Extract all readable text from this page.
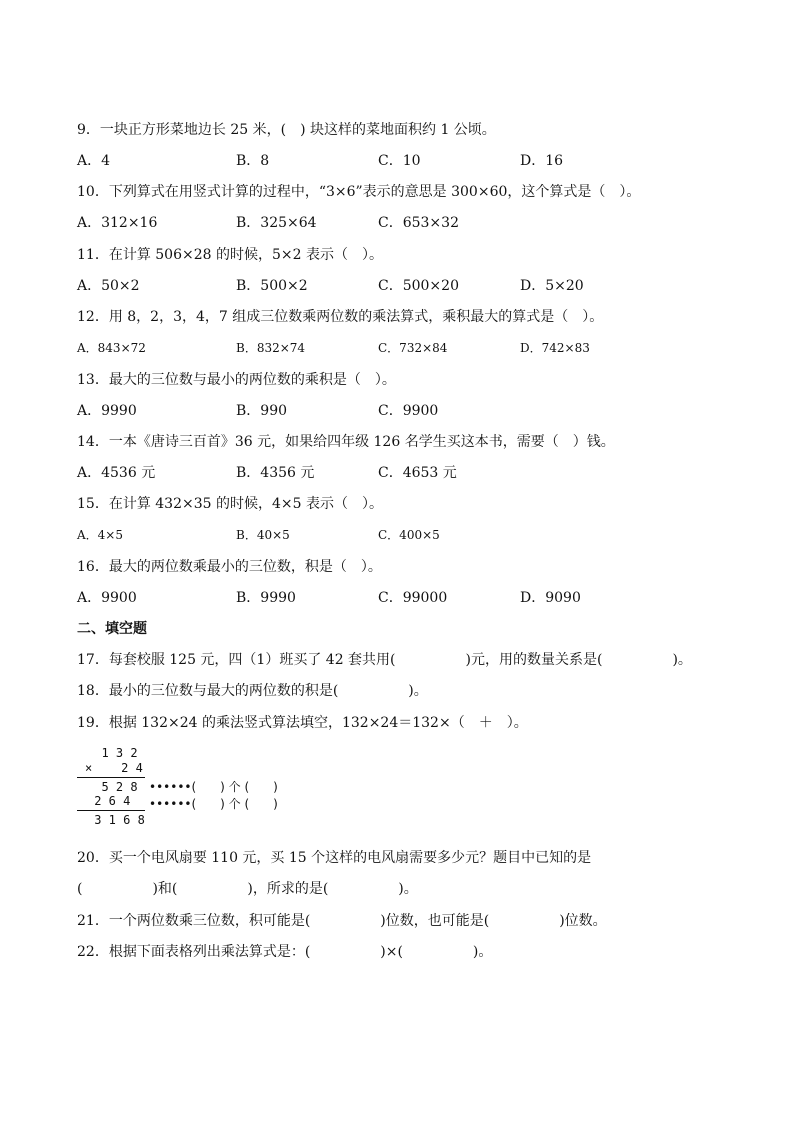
9．一块正方形菜地边长 25 米，(　) 块这样的菜地面积约 1 公顷。
A．4	B．8	C．10	D．16
10．下列算式在用竖式计算的过程中，“3×6”表示的意思是 300×60，这个算式是（　）。
A．312×16	B．325×64	C．653×32
11．在计算 506×28 的时候，5×2 表示（　）。
A．50×2	B．500×2	C．500×20	D．5×20
12．用 8，2，3，4，7 组成三位数乘两位数的乘法算式，乘积最大的算式是（　）。
A．843×72	B．832×74	C．732×84	D．742×83
13．最大的三位数与最小的两位数的乘积是（　）。
A．9990	B．990	C．9900
14．一本《唐诗三百首》36 元，如果给四年级 126 名学生买这本书，需要（　）钱。
A．4536 元	B．4356 元	C．4653 元
15．在计算 432×35 的时候，4×5 表示（　）。
A．4×5	B．40×5	C．400×5
16．最大的两位数乘最小的三位数，积是（　）。
A．9900	B．9990	C．99000	D．9090
二、填空题
17．每套校服 125 元，四（1）班买了 42 套共用(　　　　　)元，用的数量关系是(　　　　　)。
18．最小的三位数与最大的两位数的积是(　　　　　)。
19．根据 132×24 的乘法竖式算法填空，132×24＝132×（　＋　）。
1 3 2
×    2 4
5 2 8
2 6 4
3 1 6 8
••••••(　　) 个 (　　)
••••••(　　) 个 (　　)
20．买一个电风扇要 110 元，买 15 个这样的电风扇需要多少元？题目中已知的是
(　　　　　)和(　　　　　)，所求的是(　　　　　)。
21．一个两位数乘三位数，积可能是(　　　　　)位数，也可能是(　　　　　)位数。
22．根据下面表格列出乘法算式是：(　　　　　)×(　　　　　)。
